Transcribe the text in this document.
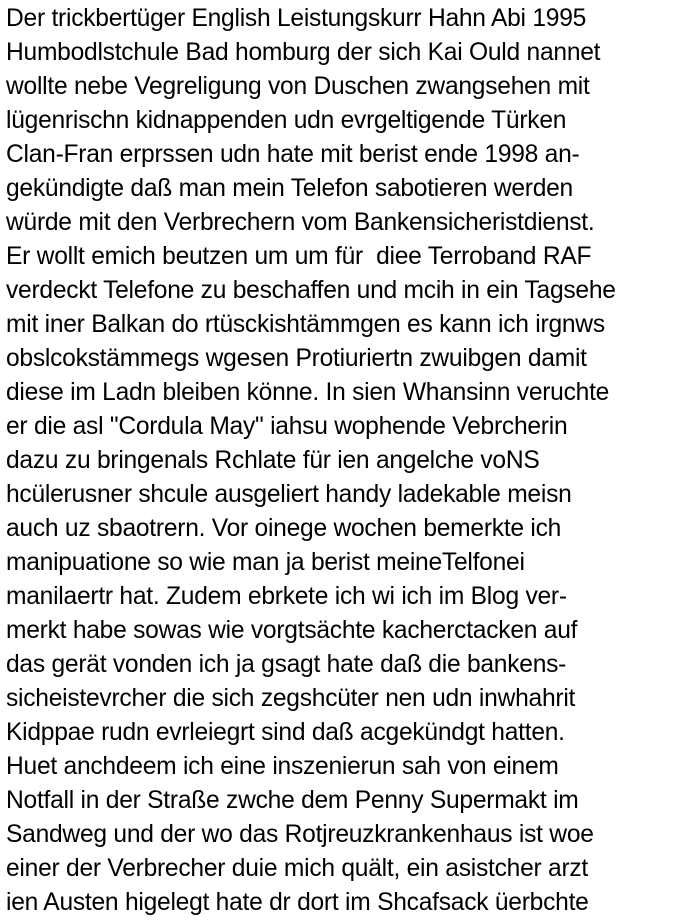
Der trickbertüger English Leistungskurr Hahn Abi 1995
Humbodlstchule Bad homburg der sich Kai Ould nannet
wollte nebe Vegreligung von Duschen zwangsehen mit
lügenrischn kidnappenden udn evrgeltigende Türken
Clan-Fran erprssen udn hate mit berist ende 1998 an-
gekündigte daß man mein Telefon sabotieren werden
würde mit den Verbrechern vom Bankensicheristdienst.
Er wollt emich beutzen um um für  diee Terroband RAF
verdeckt Telefone zu beschaffen und mcih in ein Tagsehe
mit iner Balkan do rtüsckishtämmgen es kann ich irgnws
obslcokstämmegs wgesen Protiuriertn zwuibgen damit
diese im Ladn bleiben könne. In sien Whansinn veruchte
er die asl "Cordula May" iahsu wophende Vebrcherin
dazu zu bringenals Rchlate für ien angelche voNS
hcülerusner shcule ausgeliert handy ladekable meisn
auch uz sbaotrern. Vor oinege wochen bemerkte ich
manipuatione so wie man ja berist meineTelfonei
manilaertr hat. Zudem ebrkete ich wi ich im Blog ver-
merkt habe sowas wie vorgtsächte kacherctacken auf
das gerät vonden ich ja gsagt hate daß die bankens-
sicheistevrcher die sich zegshcüter nen udn inwhahrit
Kidppae rudn evrleiegrt sind daß acgekündgt hatten.
Huet anchdeem ich eine inszenierun sah von einem
Notfall in der Straße zwche dem Penny Supermakt im
Sandweg und der wo das Rotjreuzkrankenhaus ist woe
einer der Verbrecher duie mich quält, ein asistcher arzt
ien Austen higelegt hate dr dort im Shcafsack üerbchte
